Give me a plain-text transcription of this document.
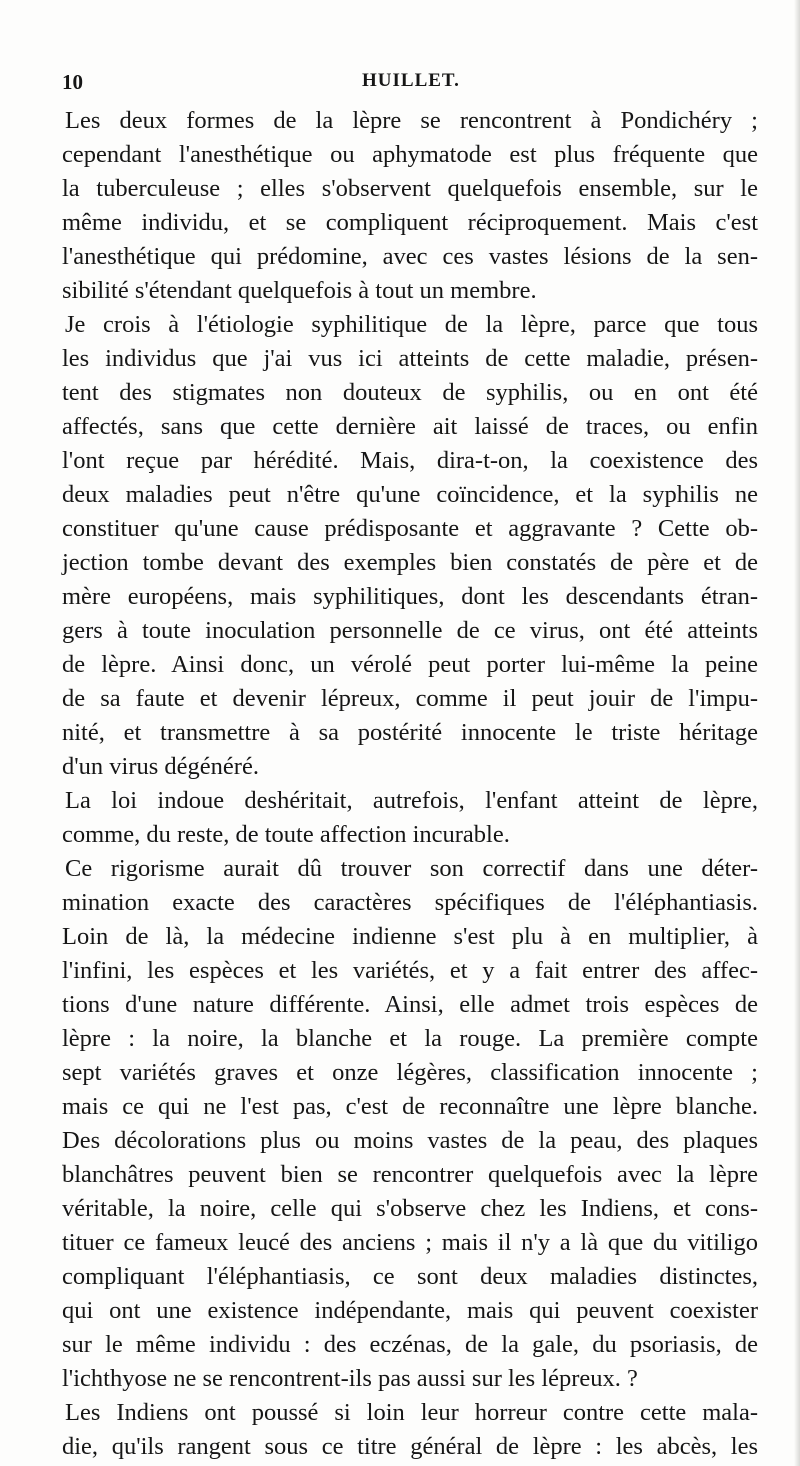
10	HUILLET.
Les deux formes de la lèpre se rencontrent à Pondichéry ;
cependant l'anesthétique ou aphymatode est plus fréquente que
la tuberculeuse ; elles s'observent quelquefois ensemble, sur le
même individu, et se compliquent réciproquement. Mais c'est
l'anesthétique qui prédomine, avec ces vastes lésions de la sen-
sibilité s'étendant quelquefois à tout un membre.
Je crois à l'étiologie syphilitique de la lèpre, parce que tous
les individus que j'ai vus ici atteints de cette maladie, présen-
tent des stigmates non douteux de syphilis, ou en ont été
affectés, sans que cette dernière ait laissé de traces, ou enfin
l'ont reçue par hérédité. Mais, dira-t-on, la coexistence des
deux maladies peut n'être qu'une coïncidence, et la syphilis ne
constituer qu'une cause prédisposante et aggravante ? Cette ob-
jection tombe devant des exemples bien constatés de père et de
mère européens, mais syphilitiques, dont les descendants étran-
gers à toute inoculation personnelle de ce virus, ont été atteints
de lèpre. Ainsi donc, un vérolé peut porter lui-même la peine
de sa faute et devenir lépreux, comme il peut jouir de l'impu-
nité, et transmettre à sa postérité innocente le triste héritage
d'un virus dégénéré.
La loi indoue deshéritait, autrefois, l'enfant atteint de lèpre,
comme, du reste, de toute affection incurable.
Ce rigorisme aurait dû trouver son correctif dans une déter-
mination exacte des caractères spécifiques de l'éléphantiasis.
Loin de là, la médecine indienne s'est plu à en multiplier, à
l'infini, les espèces et les variétés, et y a fait entrer des affec-
tions d'une nature différente. Ainsi, elle admet trois espèces de
lèpre : la noire, la blanche et la rouge. La première compte
sept variétés graves et onze légères, classification innocente ;
mais ce qui ne l'est pas, c'est de reconnaître une lèpre blanche.
Des décolorations plus ou moins vastes de la peau, des plaques
blanchâtres peuvent bien se rencontrer quelquefois avec la lèpre
véritable, la noire, celle qui s'observe chez les Indiens, et cons-
tituer ce fameux leucé des anciens ; mais il n'y a là que du vitiligo
compliquant l'éléphantiasis, ce sont deux maladies distinctes,
qui ont une existence indépendante, mais qui peuvent coexister
sur le même individu : des eczénas, de la gale, du psoriasis, de
l'ichthyose ne se rencontrent-ils pas aussi sur les lépreux. ?
Les Indiens ont poussé si loin leur horreur contre cette mala-
die, qu'ils rangent sous ce titre général de lèpre : les abcès, les
